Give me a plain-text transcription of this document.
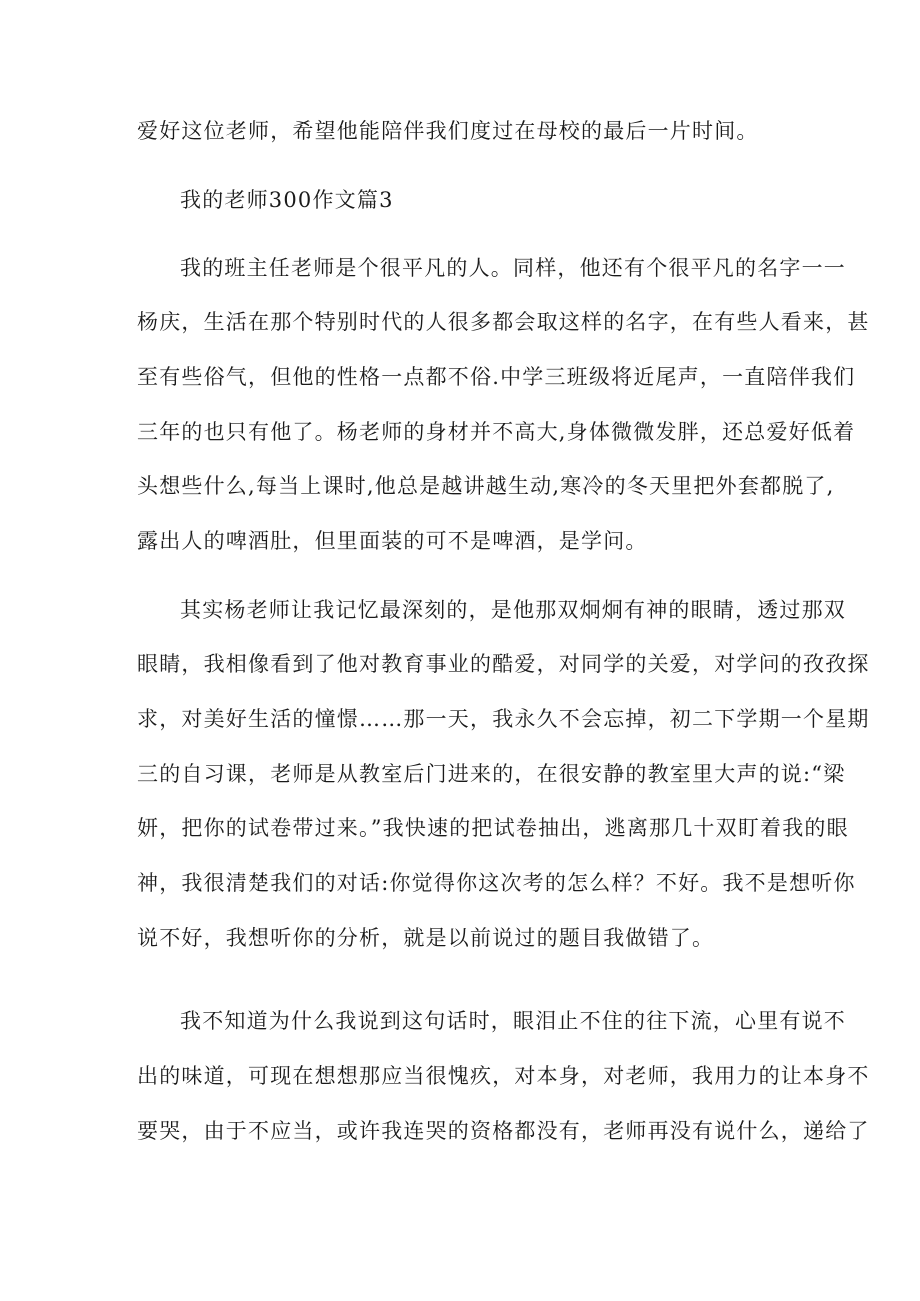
爱好这位老师，希望他能陪伴我们度过在母校的最后一片时间。
我的老师300作文篇3
我的班主任老师是个很平凡的人。同样，他还有个很平凡的名字一一
杨庆，生活在那个特别时代的人很多都会取这样的名字，在有些人看来，甚
至有些俗气，但他的性格一点都不俗.中学三班级将近尾声，一直陪伴我们
三年的也只有他了。杨老师的身材并不高大,身体微微发胖，还总爱好低着
头想些什么,每当上课时,他总是越讲越生动,寒冷的冬天里把外套都脱了,
露出人的啤酒肚，但里面装的可不是啤酒，是学问。
其实杨老师让我记忆最深刻的，是他那双炯炯有神的眼睛，透过那双
眼睛，我相像看到了他对教育事业的酷爱，对同学的关爱，对学问的孜孜探
求，对美好生活的憧憬……那一天，我永久不会忘掉，初二下学期一个星期
三的自习课，老师是从教室后门进来的，在很安静的教室里大声的说:“梁
妍，把你的试卷带过来。”我快速的把试卷抽出，逃离那几十双盯着我的眼
神，我很清楚我们的对话:你觉得你这次考的怎么样？不好。我不是想听你
说不好，我想听你的分析，就是以前说过的题目我做错了。
我不知道为什么我说到这句话时，眼泪止不住的往下流，心里有说不
出的味道，可现在想想那应当很愧疚，对本身，对老师，我用力的让本身不
要哭，由于不应当，或许我连哭的资格都没有，老师再没有说什么，递给了
